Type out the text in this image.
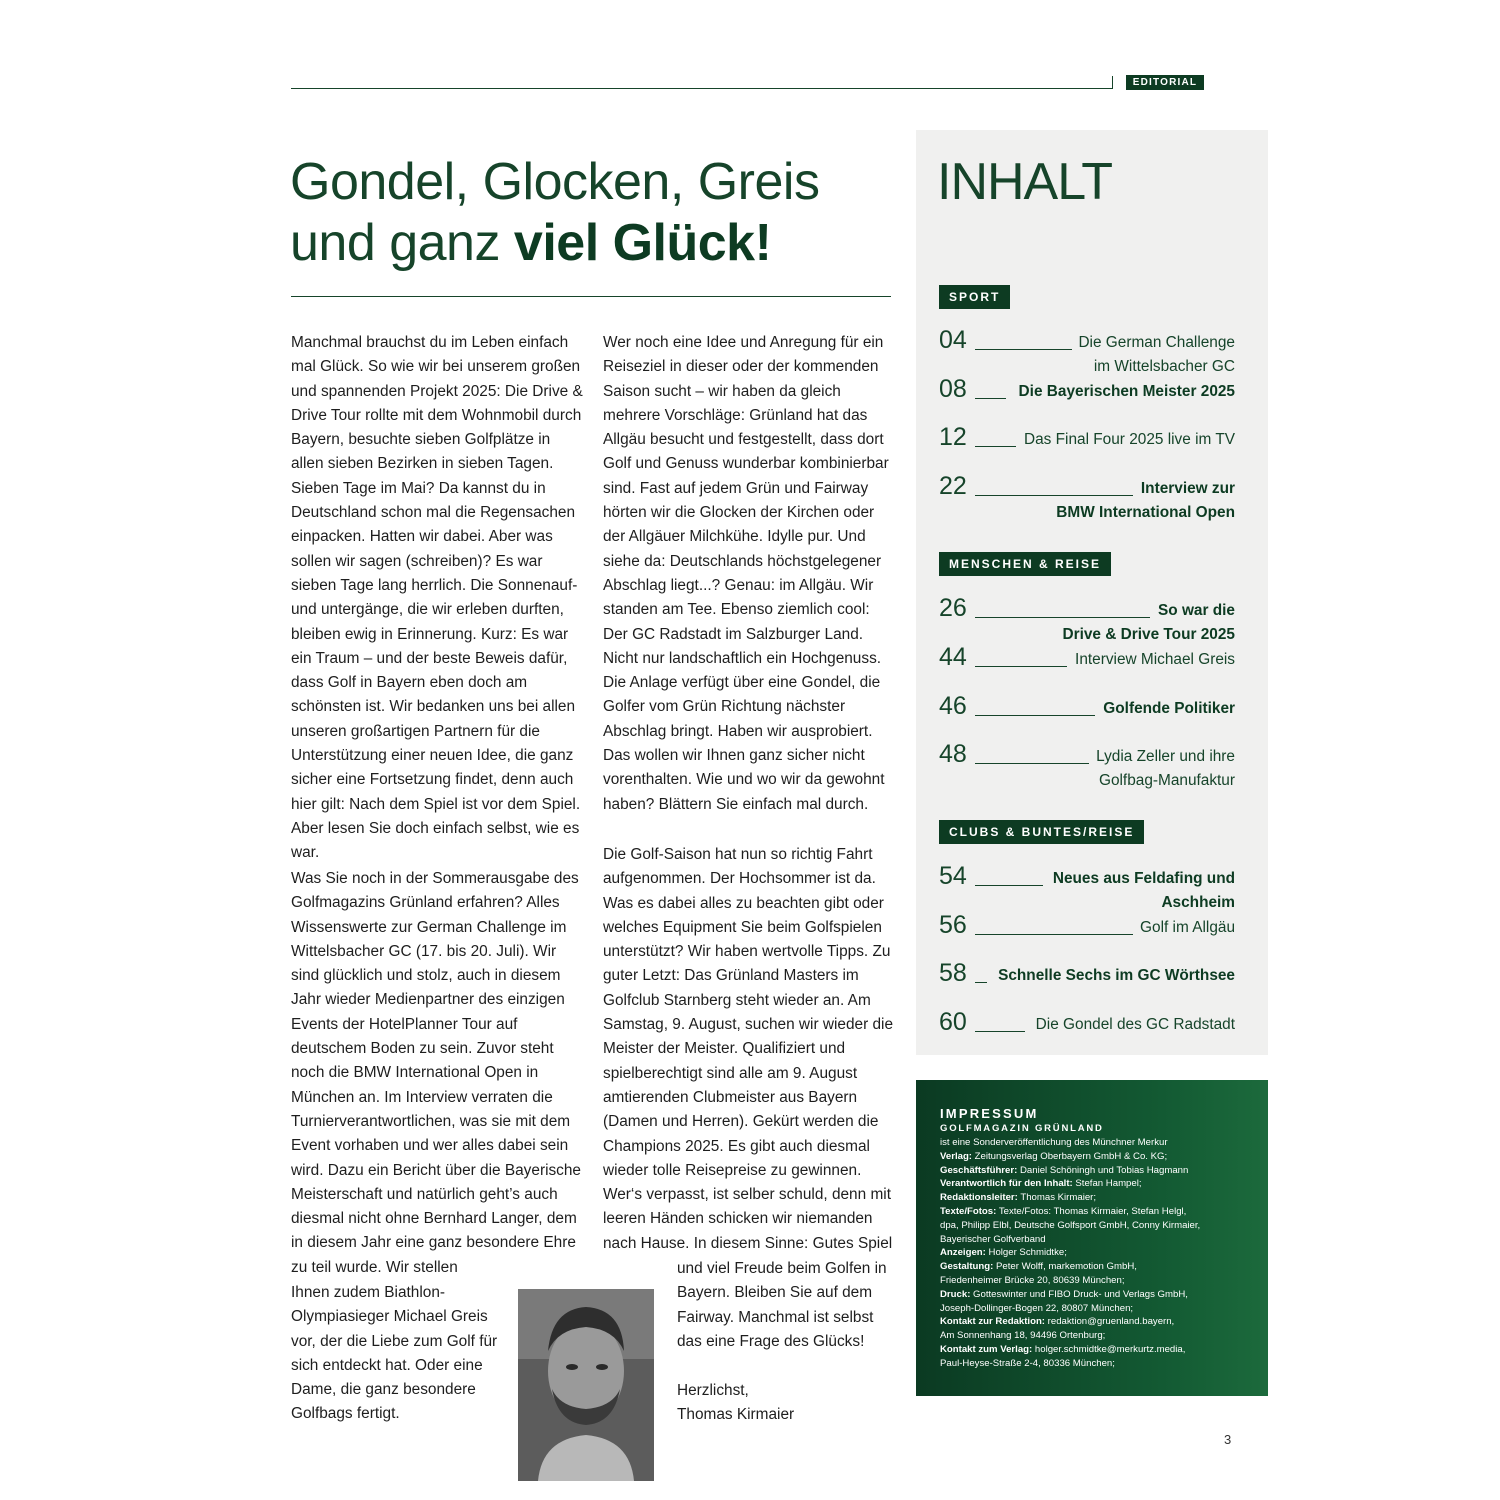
EDITORIAL
Gondel, Glocken, Greis
und ganz viel Glück!

Manchmal brauchst du im Leben einfach mal Glück. So wie wir bei unserem großen und spannenden Projekt 2025: Die Drive & Drive Tour rollte mit dem Wohnmobil durch Bayern, besuchte sieben Golfplätze in allen sieben Bezirken in sieben Tagen. Sieben Tage im Mai? Da kannst du in Deutschland schon mal die Regensachen einpacken. Hatten wir dabei. Aber was sollen wir sagen (schreiben)? Es war sieben Tage lang herrlich. Die Sonnenauf- und untergänge, die wir erleben durften, bleiben ewig in Erinnerung. Kurz: Es war ein Traum – und der beste Beweis dafür, dass Golf in Bayern eben doch am schönsten ist. Wir bedanken uns bei allen unseren großartigen Partnern für die Unterstützung einer neuen Idee, die ganz sicher eine Fortsetzung findet, denn auch hier gilt: Nach dem Spiel ist vor dem Spiel. Aber lesen Sie doch einfach selbst, wie es war.

Was Sie noch in der Sommerausgabe des Golfmagazins Grünland erfahren? Alles Wissenswerte zur German Challenge im Wittelsbacher GC (17. bis 20. Juli). Wir sind glücklich und stolz, auch in diesem Jahr wieder Medienpartner des einzigen Events der HotelPlanner Tour auf deutschem Boden zu sein. Zuvor steht noch die BMW International Open in München an. Im Interview verraten die Turnierverantwortlichen, was sie mit dem Event vorhaben und wer alles dabei sein wird. Dazu ein Bericht über die Bayerische Meisterschaft und natürlich geht’s auch diesmal nicht ohne Bernhard Langer, dem in diesem Jahr eine ganz besondere Ehre zu teil wurde. Wir stellen

Ihnen zudem Biathlon-Olympiasieger Michael Greis vor, der die Liebe zum Golf für sich entdeckt hat. Oder eine Dame, die ganz besondere Golfbags fertigt.

Wer noch eine Idee und Anregung für ein Reiseziel in dieser oder der kommenden Saison sucht – wir haben da gleich mehrere Vorschläge: Grünland hat das Allgäu besucht und festgestellt, dass dort Golf und Genuss wunderbar kombinierbar sind. Fast auf jedem Grün und Fairway hörten wir die Glocken der Kirchen oder der Allgäuer Milchkühe. Idylle pur. Und siehe da: Deutschlands höchstgelegener Abschlag liegt...? Genau: im Allgäu. Wir standen am Tee. Ebenso ziemlich cool: Der GC Radstadt im Salzburger Land. Nicht nur landschaftlich ein Hochgenuss. Die Anlage verfügt über eine Gondel, die Golfer vom Grün Richtung nächster Abschlag bringt. Haben wir ausprobiert. Das wollen wir Ihnen ganz sicher nicht vorenthalten. Wie und wo wir da gewohnt haben? Blättern Sie einfach mal durch.

Die Golf-Saison hat nun so richtig Fahrt aufgenommen. Der Hochsommer ist da. Was es dabei alles zu beachten gibt oder welches Equipment Sie beim Golfspielen unterstützt? Wir haben wertvolle Tipps. Zu guter Letzt: Das Grünland Masters im Golfclub Starnberg steht wieder an. Am Samstag, 9. August, suchen wir wieder die Meister der Meister. Qualifiziert und spielberechtigt sind alle am 9. August amtierenden Clubmeister aus Bayern (Damen und Herren). Gekürt werden die Champions 2025. Es gibt auch diesmal wieder tolle Reisepreise zu gewinnen. Wer‘s verpasst, ist selber schuld, denn mit leeren Händen schicken wir niemanden nach Hause. In diesem Sinne: Gutes Spiel

und viel Freude beim Golfen in Bayern. Bleiben Sie auf dem Fairway. Manchmal ist selbst das eine Frage des Glücks!

Herzlichst,

Thomas Kirmaier

INHALT
SPORT
MENSCHEN & REISE
CLUBS & BUNTES/REISE
04	Die German Challenge
im Wittelsbacher GC
08	Die Bayerischen Meister 2025
12	Das Final Four 2025 live im TV
22	Interview zur
BMW International Open
26	So war die
Drive & Drive Tour 2025
44	Interview Michael Greis
46	Golfende Politiker
48	Lydia Zeller und ihre
Golfbag-Manufaktur
54	Neues aus Feldafing und
Aschheim
56	Golf im Allgäu
58 Schnelle Sechs im GC Wörthsee
60	Die Gondel des GC Radstadt
IMPRESSUM
GOLFMAGAZIN GRÜNLAND
ist eine Sonderveröffentlichung des Münchner Merkur
Verlag: Zeitungsverlag Oberbayern GmbH & Co. KG;
Geschäftsführer: Daniel Schöningh und Tobias Hagmann
Verantwortlich für den Inhalt: Stefan Hampel;
Redaktionsleiter: Thomas Kirmaier;
Texte/Fotos: Texte/Fotos: Thomas Kirmaier, Stefan Helgl,
dpa, Philipp Elbl, Deutsche Golfsport GmbH, Conny Kirmaier,
Bayerischer Golfverband
Anzeigen: Holger Schmidtke;
Gestaltung: Peter Wolff, markemotion GmbH,
Friedenheimer Brücke 20, 80639 München;
Druck: Gotteswinter und FIBO Druck- und Verlags GmbH,
Joseph-Dollinger-Bogen 22, 80807 München;
Kontakt zur Redaktion: redaktion@gruenland.bayern,
Am Sonnenhang 18, 94496 Ortenburg;
Kontakt zum Verlag: holger.schmidtke@merkurtz.media,
Paul-Heyse-Straße 2-4, 80336 München;
3
